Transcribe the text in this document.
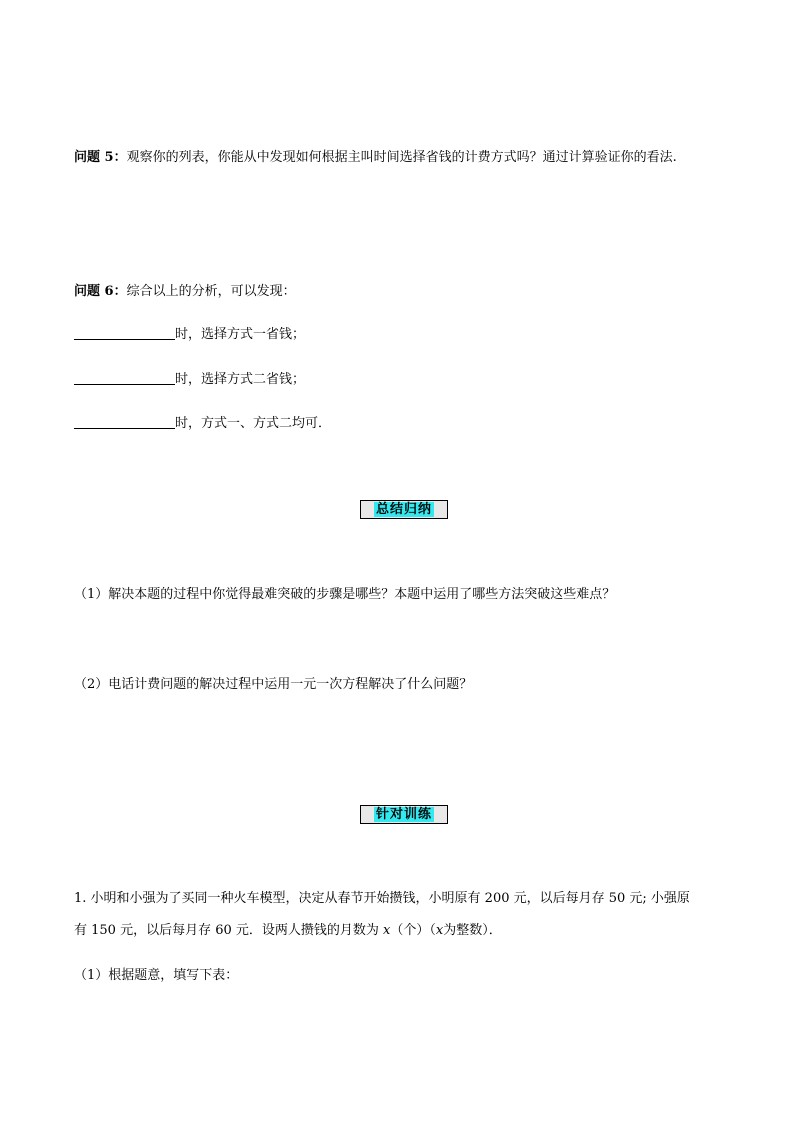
问题 5：观察你的列表，你能从中发现如何根据主叫时间选择省钱的计费方式吗？通过计算验证你的看法.
问题 6：综合以上的分析，可以发现：
时，选择方式一省钱；
时，选择方式二省钱；
时，方式一、方式二均可．
总结归纳
（1）解决本题的过程中你觉得最难突破的步骤是哪些？本题中运用了哪些方法突破这些难点？
（2）电话计费问题的解决过程中运用一元一次方程解决了什么问题？
针对训练
1. 小明和小强为了买同一种火车模型，决定从春节开始攒钱，小明原有 200 元，以后每月存 50 元; 小强原
有 150 元，以后每月存 60 元．设两人攒钱的月数为 x（个）（x为整数）．
（1）根据题意，填写下表：
